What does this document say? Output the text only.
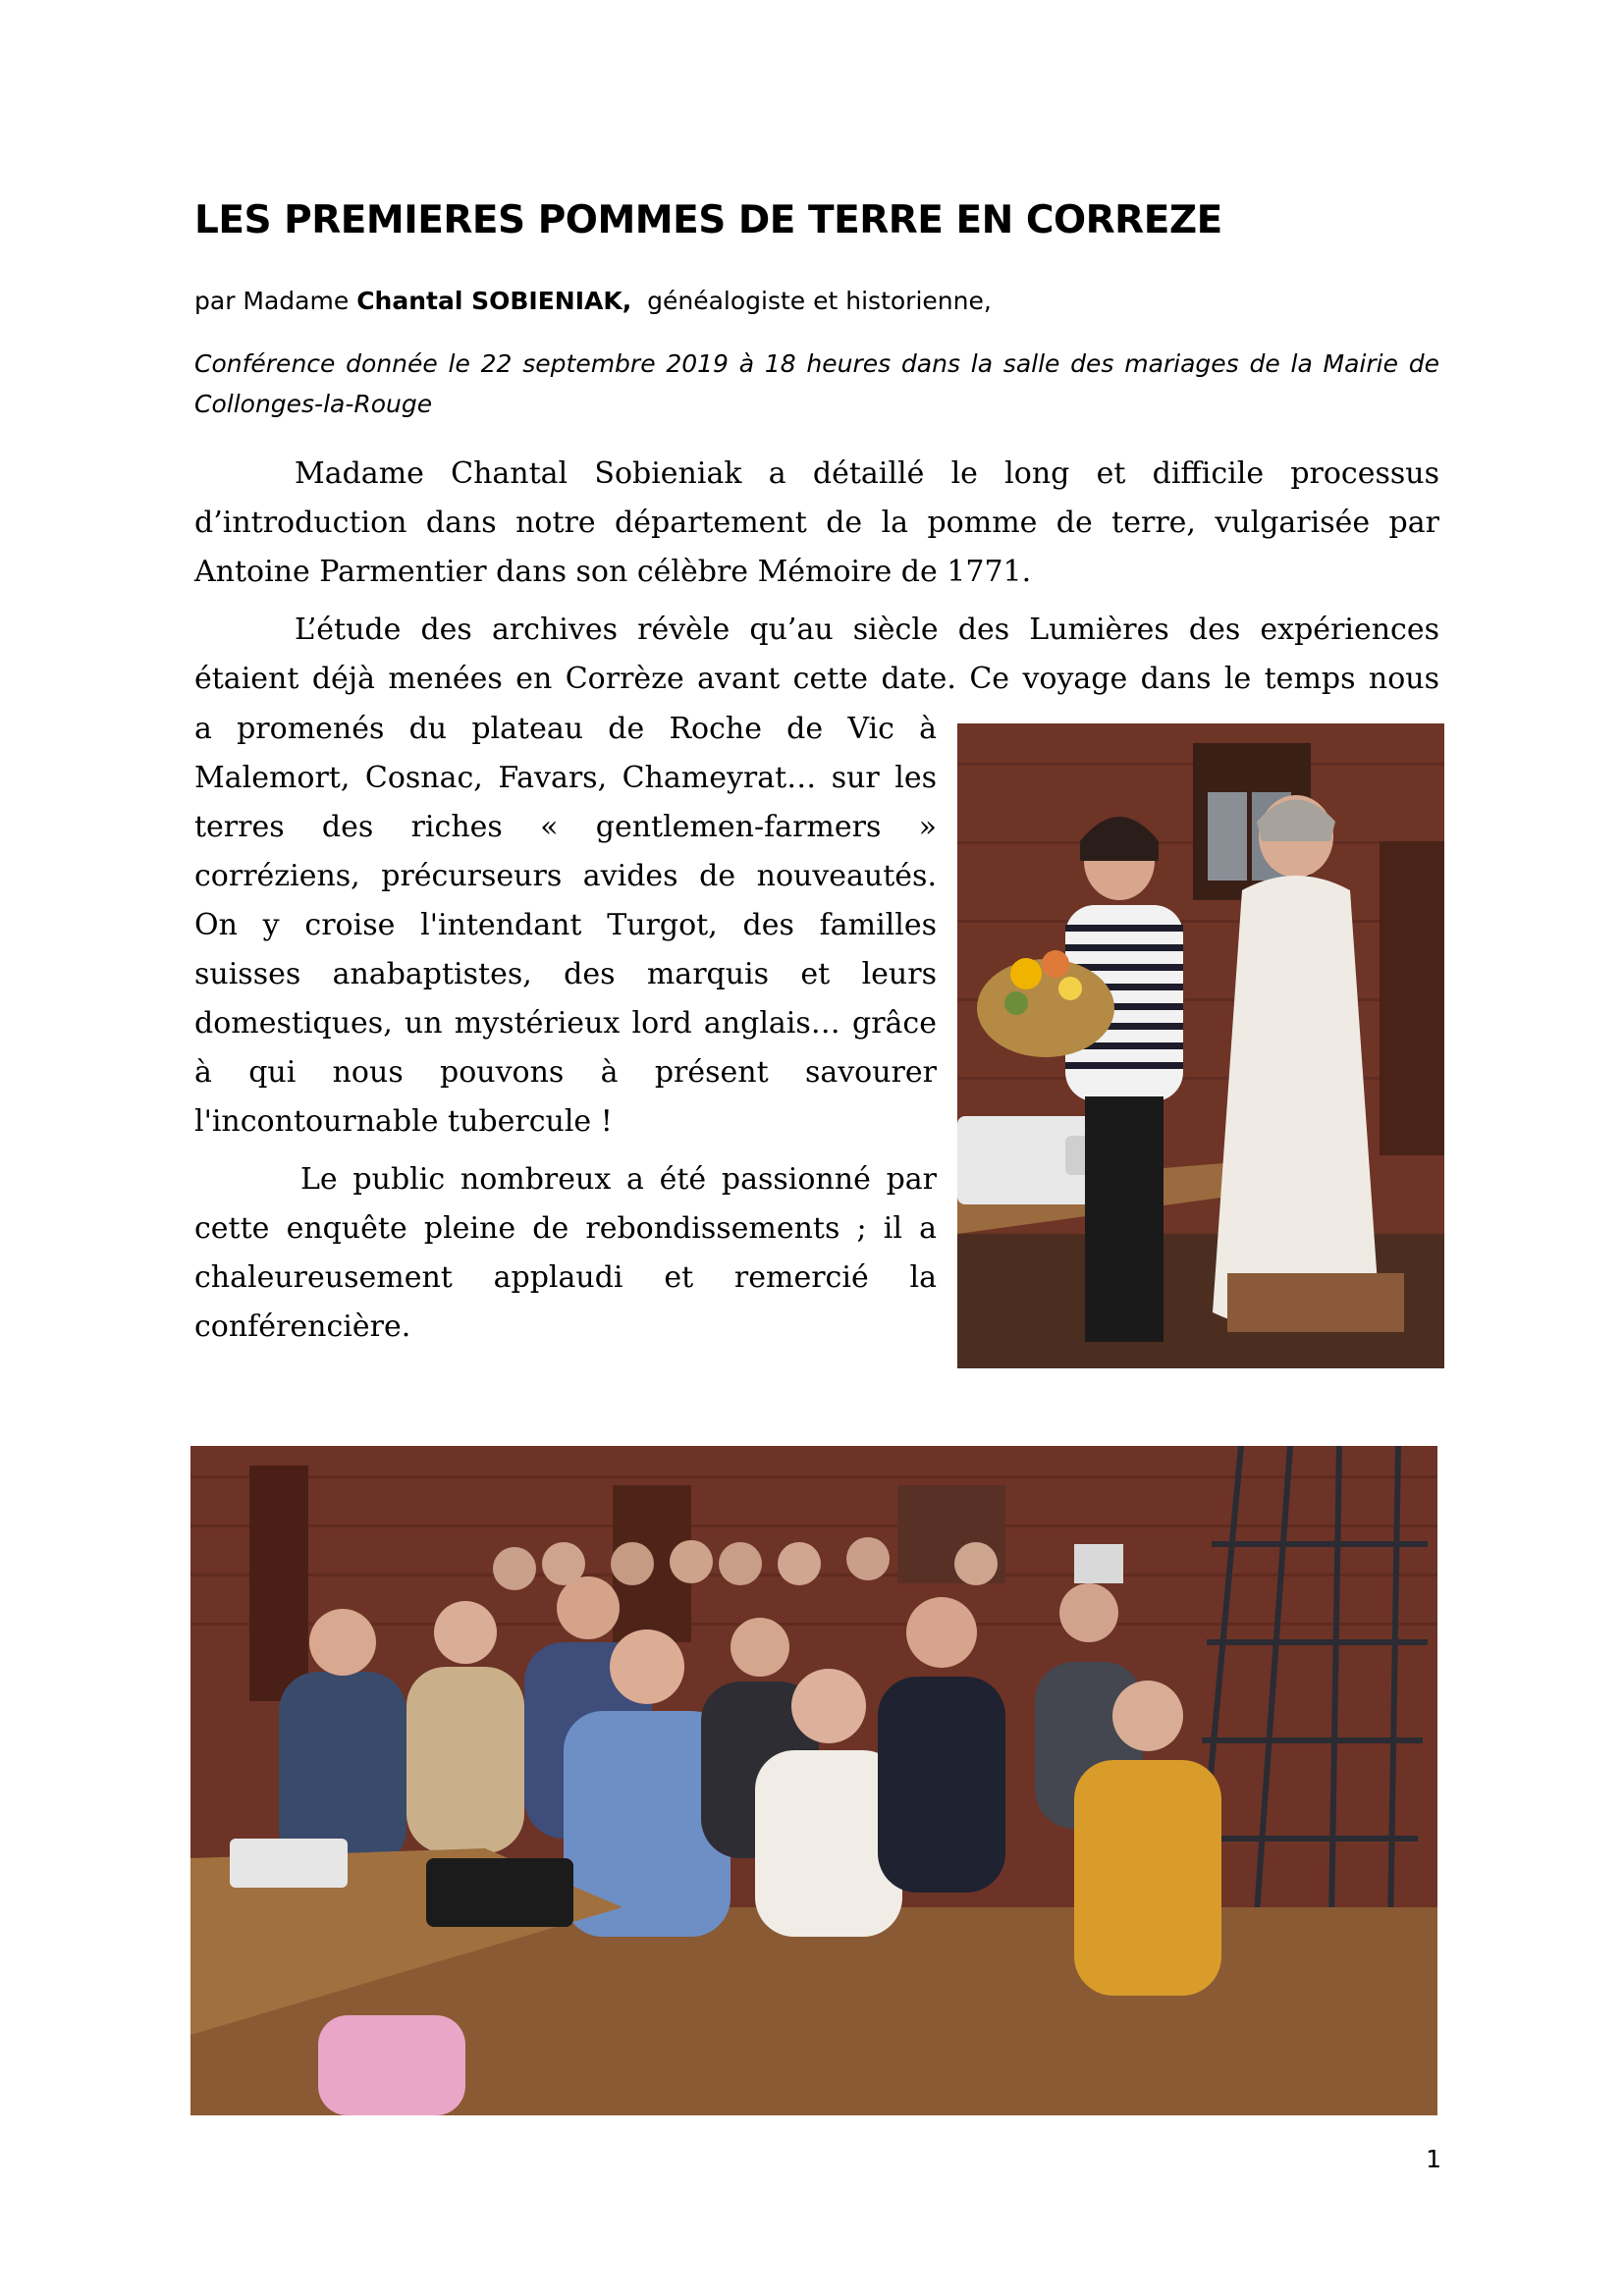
LES PREMIERES POMMES DE TERRE EN CORREZE
par Madame Chantal SOBIENIAK,  généalogiste et historienne,
Conférence donnée le 22 septembre 2019 à 18 heures dans la salle des mariages de la Mairie de Collonges-la-Rouge

Madame Chantal Sobieniak a détaillé le long et difficile processus d’introduction dans notre département de la pomme de terre, vulgarisée par Antoine Parmentier dans son célèbre Mémoire de 1771.

L’étude des archives révèle qu’au siècle des Lumières des expériences étaient déjà menées en Corrèze avant cette date. Ce voyage dans le temps nous

a promenés du plateau de Roche de Vic à Malemort, Cosnac, Favars, Chameyrat… sur les terres des riches « gentlemen-farmers » corréziens, précurseurs avides de nouveautés. On y croise l'intendant Turgot, des familles suisses anabaptistes, des marquis et leurs domestiques, un mystérieux lord anglais… grâce à qui nous pouvons à présent savourer l'incontournable tubercule !

Le public nombreux a été passionné par cette enquête pleine de rebondissements ; il a chaleureusement applaudi et remercié la conférencière.

1
